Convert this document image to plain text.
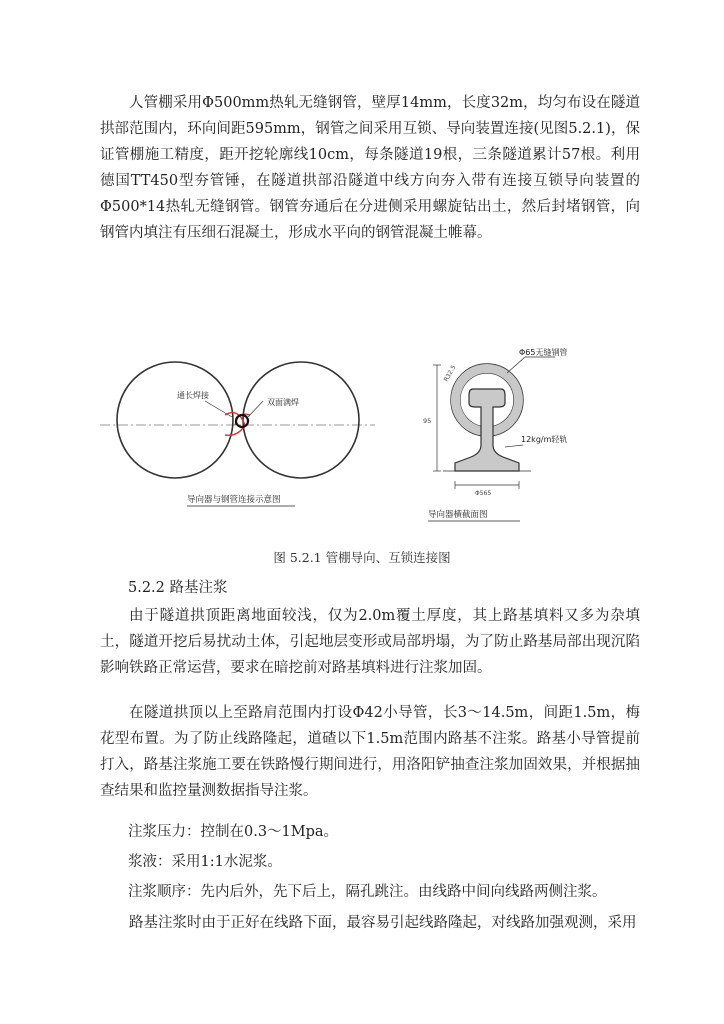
人管棚采用Φ500mm热轧无缝钢管，壁厚14mm，长度32m，均匀布设在隧道拱部范围内，环向间距595mm，钢管之间采用互锁、导向装置连接(见图5.2.1)，保证管棚施工精度，距开挖轮廓线10cm，每条隧道19根，三条隧道累计57根。利用德国TT450型夯管锤，在隧道拱部沿隧道中线方向夯入带有连接互锁导向装置的Φ500*14热轧无缝钢管。钢管夯通后在分进侧采用螺旋钻出土，然后封堵钢管，向钢管内填注有压细石混凝土，形成水平向的钢管混凝土帷幕。

通长焊接
双面满焊
导向器与钢管连接示意图
95
Φ565
R32.5
Φ65无缝钢管
12kg/m轻轨
导向器横截面图
图 5.2.1 管棚导向、互锁连接图
5.2.2 路基注浆

由于隧道拱顶距离地面较浅，仅为2.0m覆土厚度，其上路基填料又多为杂填土，隧道开挖后易扰动土体，引起地层变形或局部坍塌，为了防止路基局部出现沉陷影响铁路正常运营，要求在暗挖前对路基填料进行注浆加固。

在隧道拱顶以上至路肩范围内打设Φ42小导管，长3～14.5m，间距1.5m，梅花型布置。为了防止线路隆起，道碴以下1.5m范围内路基不注浆。路基小导管提前打入，路基注浆施工要在铁路慢行期间进行，用洛阳铲抽查注浆加固效果，并根据抽查结果和监控量测数据指导注浆。

注浆压力：控制在0.3～1Mpa。
浆液：采用1:1水泥浆。
注浆顺序：先内后外，先下后上，隔孔跳注。由线路中间向线路两侧注浆。

路基注浆时由于正好在线路下面，最容易引起线路隆起，对线路加强观测，采用
